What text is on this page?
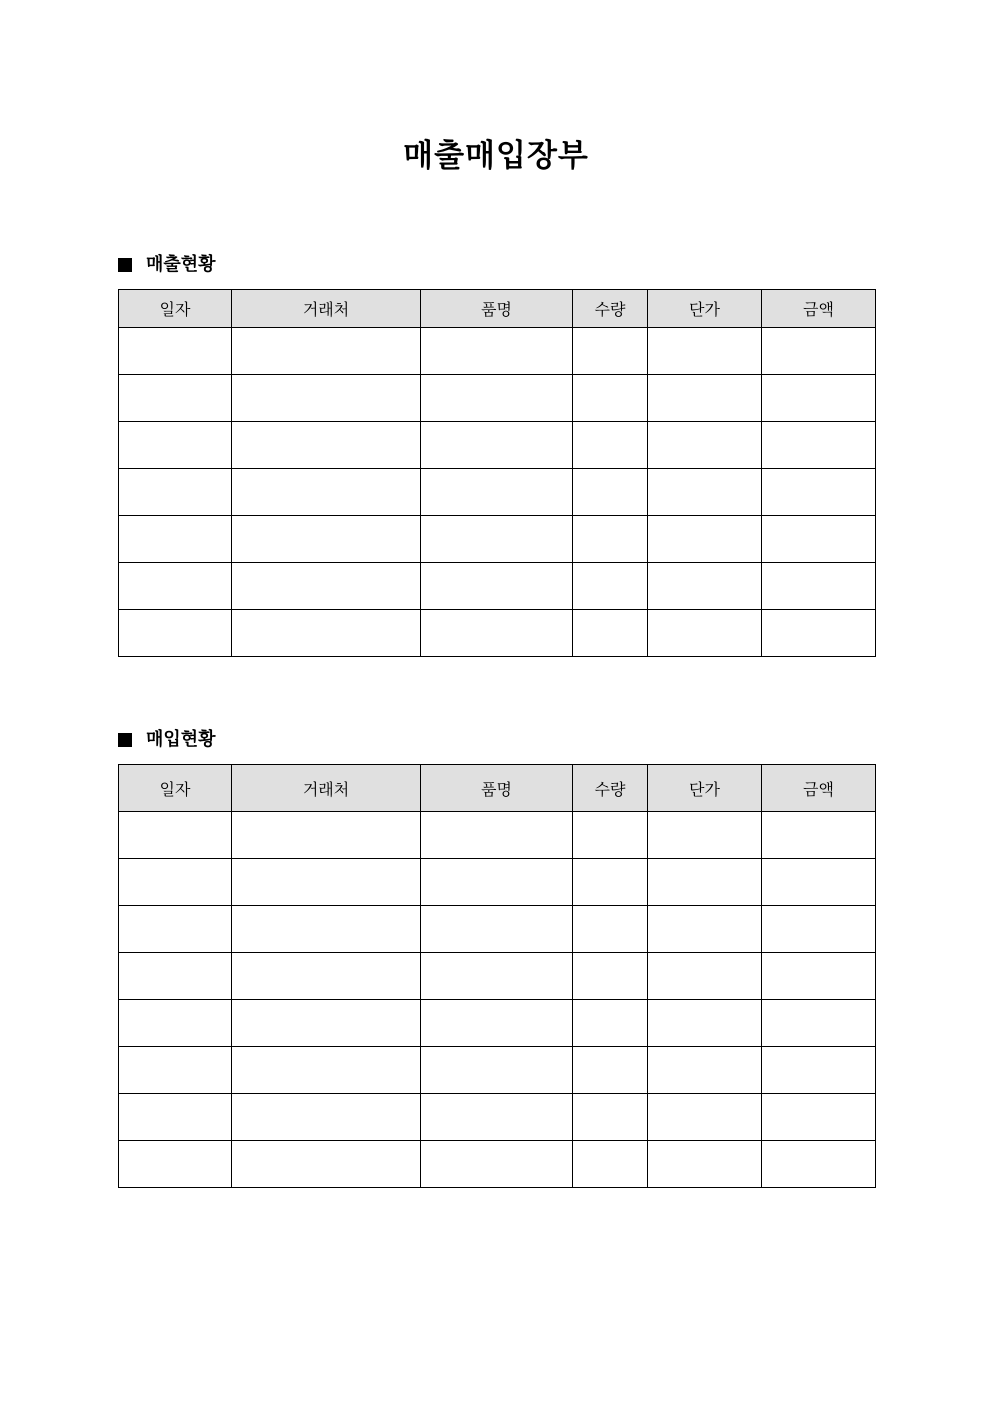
매출매입장부
매출현황
일자	거래처	품명	수량	단가	금액

매입현황
일자	거래처	품명	수량	단가	금액
